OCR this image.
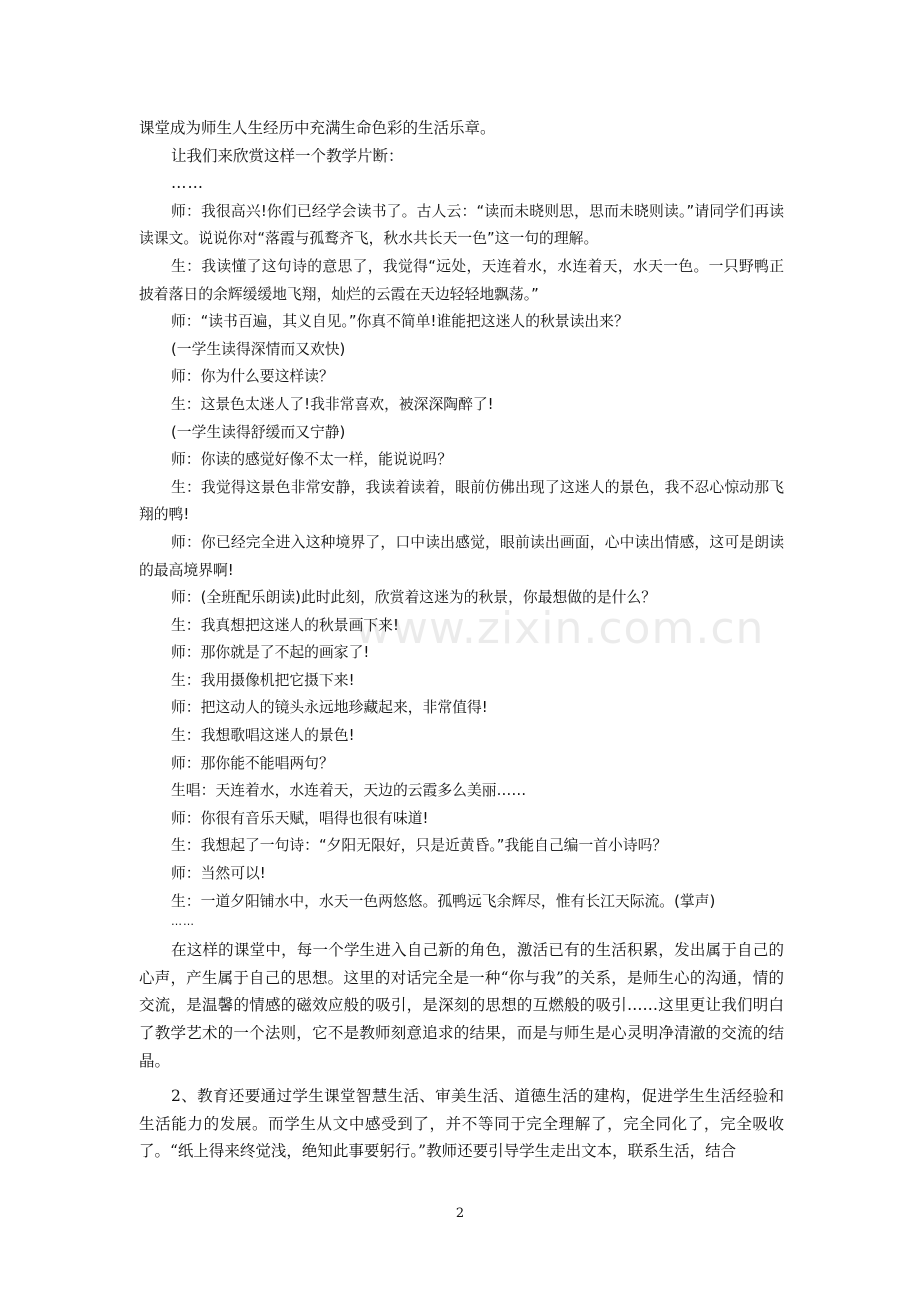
www.zixin.com.cn

课堂成为师生人生经历中充满生命色彩的生活乐章。

让我们来欣赏这样一个教学片断：

……

师：我很高兴!你们已经学会读书了。古人云：“读而未晓则思，思而未晓则读。”请同学们再读读课文。说说你对“落霞与孤鹜齐飞，秋水共长天一色”这一句的理解。

生：我读懂了这句诗的意思了，我觉得“远处，天连着水，水连着天，水天一色。一只野鸭正披着落日的余辉缓缓地飞翔，灿烂的云霞在天边轻轻地飘荡。”

师：“读书百遍，其义自见。”你真不简单!谁能把这迷人的秋景读出来？

(一学生读得深情而又欢快)

师：你为什么要这样读？

生：这景色太迷人了!我非常喜欢，被深深陶醉了!

(一学生读得舒缓而又宁静)

师：你读的感觉好像不太一样，能说说吗？

生：我觉得这景色非常安静，我读着读着，眼前仿佛出现了这迷人的景色，我不忍心惊动那飞翔的鸭!

师：你已经完全进入这种境界了，口中读出感觉，眼前读出画面，心中读出情感，这可是朗读的最高境界啊!

师：(全班配乐朗读)此时此刻，欣赏着这迷为的秋景，你最想做的是什么？

生：我真想把这迷人的秋景画下来!

师：那你就是了不起的画家了!

生：我用摄像机把它摄下来!

师：把这动人的镜头永远地珍藏起来，非常值得!

生：我想歌唱这迷人的景色!

师：那你能不能唱两句？

生唱：天连着水，水连着天，天边的云霞多么美丽……

师：你很有音乐天赋，唱得也很有味道!

生：我想起了一句诗：“夕阳无限好，只是近黄昏。”我能自己编一首小诗吗？

师：当然可以!

生：一道夕阳铺水中，水天一色两悠悠。孤鸭远飞余辉尽，惟有长江天际流。(掌声)

……

在这样的课堂中，每一个学生进入自己新的角色，激活已有的生活积累，发出属于自己的心声，产生属于自己的思想。这里的对话完全是一种“你与我”的关系，是师生心的沟通，情的交流，是温馨的情感的磁效应般的吸引，是深刻的思想的互燃般的吸引……这里更让我们明白了教学艺术的一个法则，它不是教师刻意追求的结果，而是与师生是心灵明净清澈的交流的结晶。

2、教育还要通过学生课堂智慧生活、审美生活、道德生活的建构，促进学生生活经验和生活能力的发展。而学生从文中感受到了，并不等同于完全理解了，完全同化了，完全吸收了。“纸上得来终觉浅，绝知此事要躬行。”教师还要引导学生走出文本，联系生活，结合

2
